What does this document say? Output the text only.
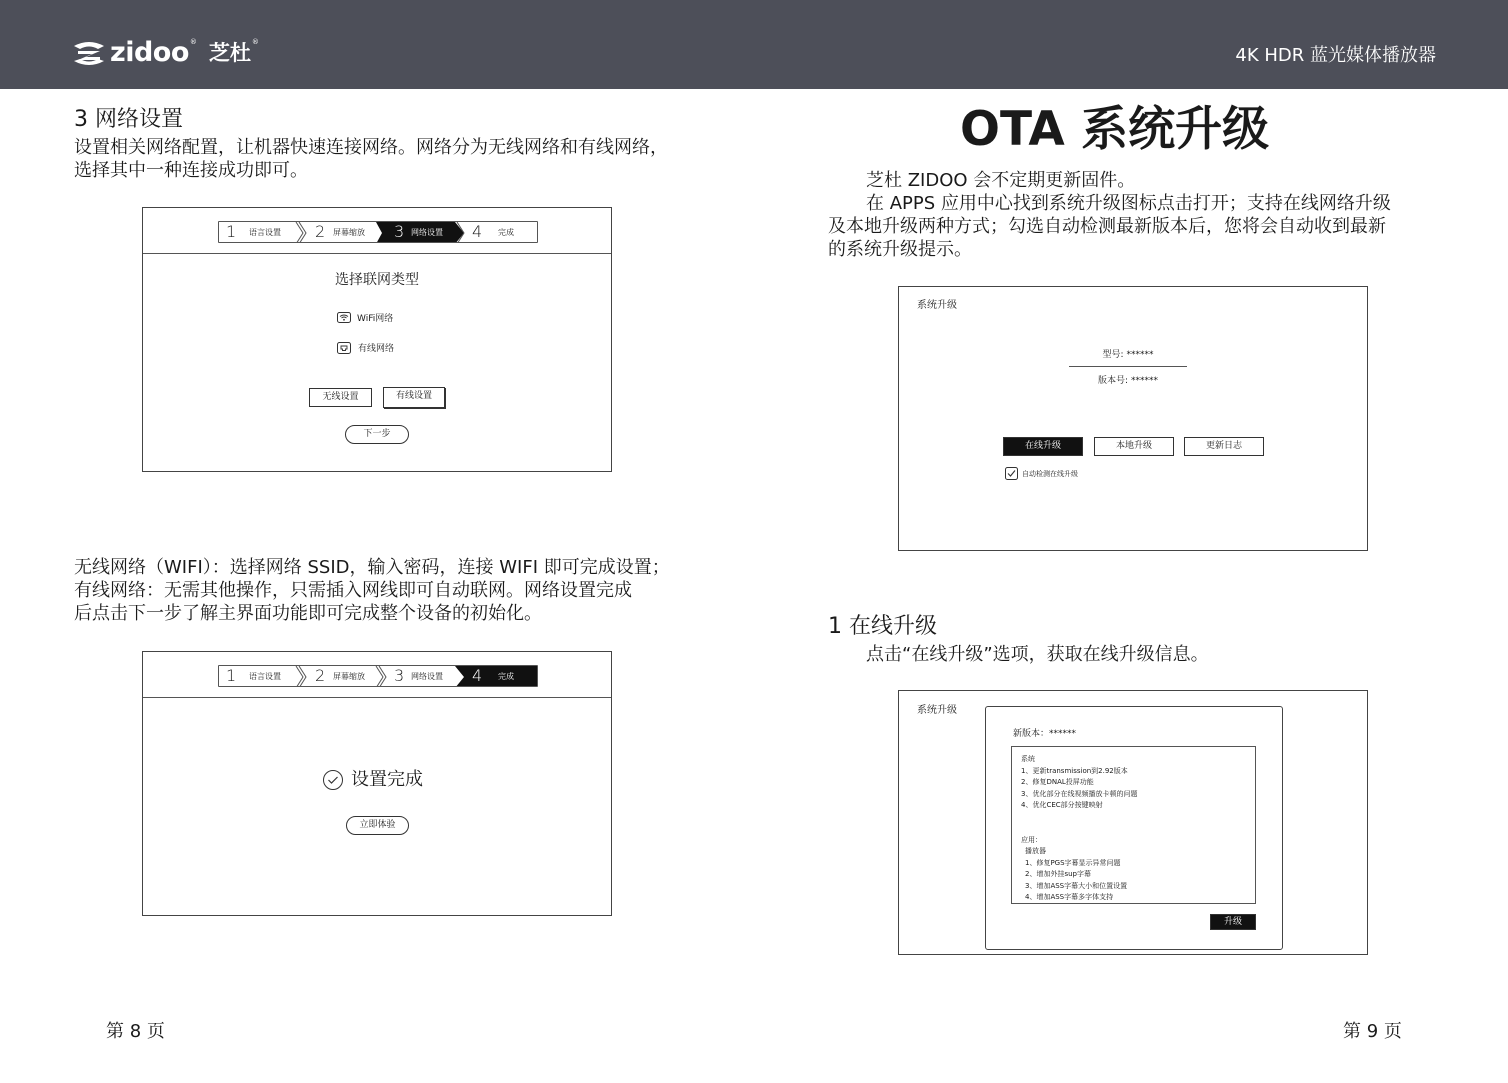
zidoo ® 芝杜 ®
4K HDR 蓝光媒体播放器
3 网络设置
设置相关网络配置，让机器快速连接网络。网络分为无线网络和有线网络，
选择其中一种连接成功即可。
1 语言设置 2 屏幕缩放 3 网络设置 4 完成
选择联网类型
WiFi网络
有线网络
无线设置	有线设置
下一步
无线网络（WIFI）：选择网络 SSID，输入密码，连接 WIFI 即可完成设置；
有线网络：无需其他操作，只需插入网线即可自动联网。网络设置完成
后点击下一步了解主界面功能即可完成整个设备的初始化。
1 语言设置 2 屏幕缩放 3 网络设置 4 完成
设置完成
立即体验
第 8 页
OTA 系统升级
芝杜 ZIDOO 会不定期更新固件。
在 APPS 应用中心找到系统升级图标点击打开；支持在线网络升级
及本地升级两种方式；勾选自动检测最新版本后，您将会自动收到最新
的系统升级提示。
系统升级
型号: ******
版本号: ******
在线升级	本地升级	更新日志
自动检测在线升级
1 在线升级
点击“在线升级”选项，获取在线升级信息。
系统升级
新版本：******
系统
1、更新transmission到2.92版本
2、修复DNAL投屏功能
3、优化部分在线视频播放卡顿的问题
4、优化CEC部分按键映射
应用：
播放器
1、修复PGS字幕显示异常问题
2、增加外挂sup字幕
3、增加ASS字幕大小和位置设置
4、增加ASS字幕多字体支持
升级
第 9 页
